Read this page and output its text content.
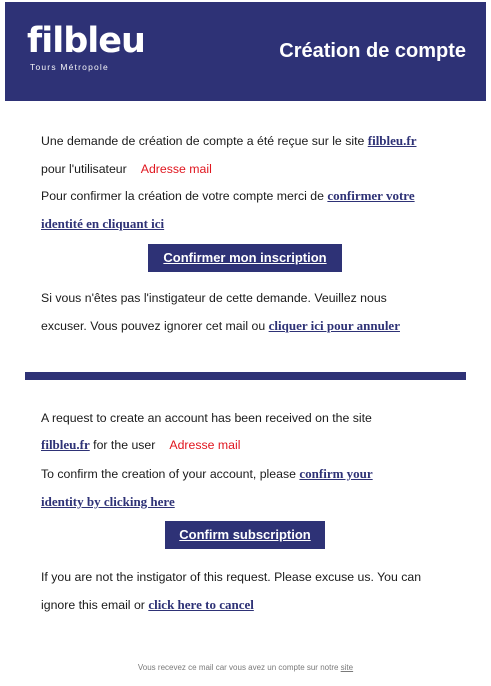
filbleu
Tours Métropole
Création de compte
Une demande de création de compte a été reçue sur le site filbleu.fr
pour l'utilisateur Adresse mail
Pour confirmer la création de votre compte merci de confirmer votre
identité en cliquant ici
Confirmer mon inscription
Si vous n'êtes pas l'instigateur de cette demande. Veuillez nous
excuser. Vous pouvez ignorer cet mail ou cliquer ici pour annuler
A request to create an account has been received on the site
filbleu.fr for the user Adresse mail
To confirm the creation of your account, please confirm your
identity by clicking here
Confirm subscription
If you are not the instigator of this request. Please excuse us. You can
ignore this email or click here to cancel
Vous recevez ce mail car vous avez un compte sur notre site
